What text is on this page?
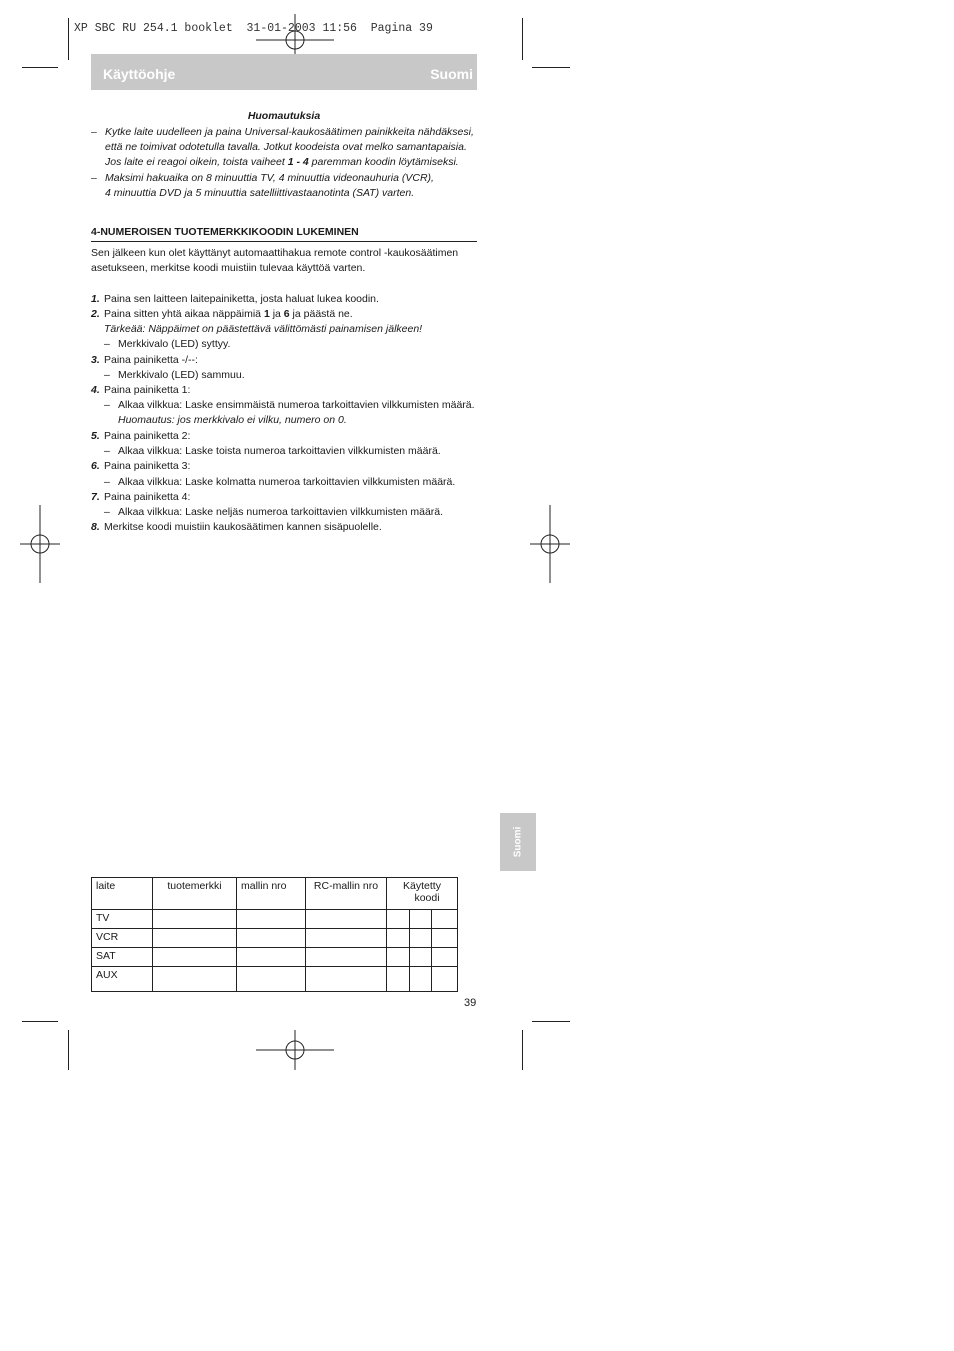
XP SBC RU 254.1 booklet  31-01-2003 11:56  Pagina 39
Käyttöohje	Suomi
Huomautuksia
– Kytke laite uudelleen ja paina Universal-kaukosäätimen painikkeita nähdäksesi,
että ne toimivat odotetulla tavalla. Jotkut koodeista ovat melko samantapaisia.
Jos laite ei reagoi oikein, toista vaiheet 1 - 4 paremman koodin löytämiseksi.
– Maksimi hakuaika on 8 minuuttia TV, 4 minuuttia videonauhuria (VCR),
4 minuuttia DVD ja 5 minuuttia satelliittivastaanotinta (SAT) varten.
4-NUMEROISEN TUOTEMERKKIKOODIN LUKEMINEN
Sen jälkeen kun olet käyttänyt automaattihakua remote control -kaukosäätimen
asetukseen, merkitse koodi muistiin tulevaa käyttöä varten.
1. Paina sen laitteen laitepainiketta, josta haluat lukea koodin.
2. Paina sitten yhtä aikaa näppäimiä 1 ja 6 ja päästä ne.
Tärkeää: Näppäimet on päästettävä välittömästi painamisen jälkeen!
– Merkkivalo (LED) syttyy.
3. Paina painiketta -/--:
– Merkkivalo (LED) sammuu.
4. Paina painiketta 1:
– Alkaa vilkkua: Laske ensimmäistä numeroa tarkoittavien vilkkumisten määrä.
Huomautus: jos merkkivalo ei vilku, numero on 0.
5. Paina painiketta 2:
– Alkaa vilkkua: Laske toista numeroa tarkoittavien vilkkumisten määrä.
6. Paina painiketta 3:
– Alkaa vilkkua: Laske kolmatta numeroa tarkoittavien vilkkumisten määrä.
7. Paina painiketta 4:
– Alkaa vilkkua: Laske neljäs numeroa tarkoittavien vilkkumisten määrä.
8. Merkitse koodi muistiin kaukosäätimen kannen sisäpuolelle.
Suomi
laite	tuotemerkki	mallin nro	RC-mallin nro	Käytetty
koodi
TV				
VCR				
SAT				
AUX				
39
